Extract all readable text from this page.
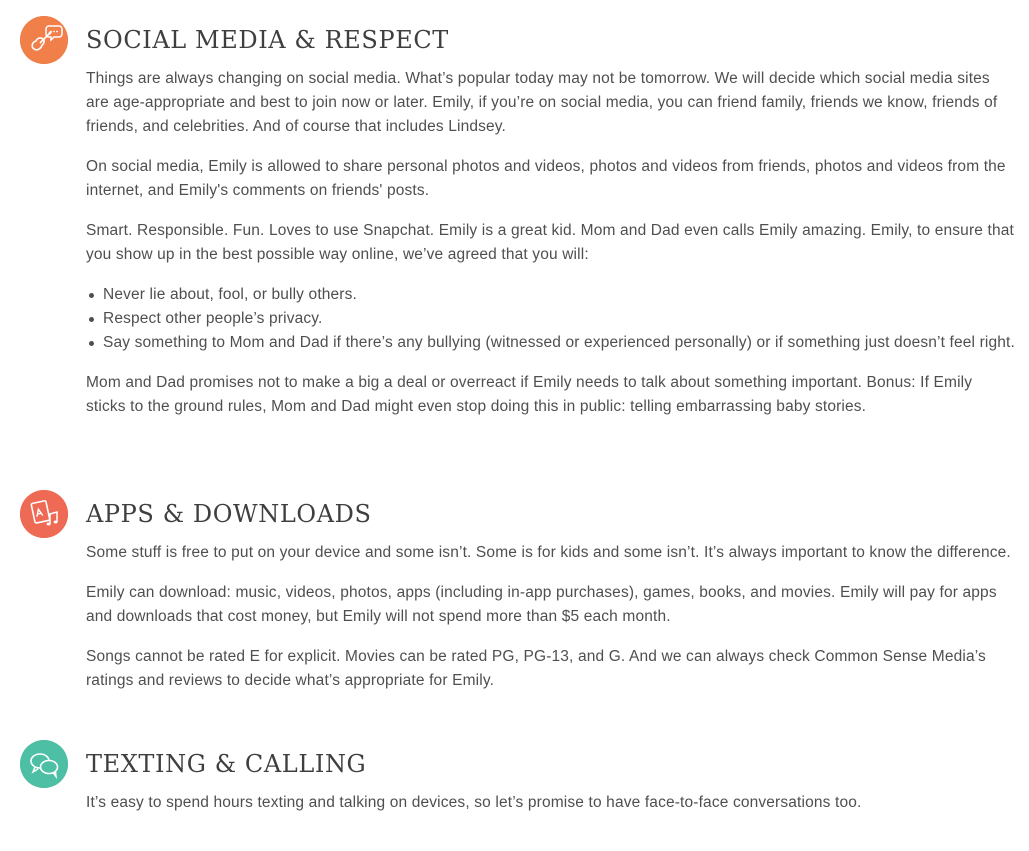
SOCIAL MEDIA & RESPECT

Things are always changing on social media. What’s popular today may not be tomorrow. We will decide which social media sites are age-appropriate and best to join now or later. Emily, if you’re on social media, you can friend family, friends we know, friends of friends, and celebrities. And of course that includes Lindsey.

On social media, Emily is allowed to share personal photos and videos, photos and videos from friends, photos and videos from the internet, and Emily's comments on friends' posts.

Smart. Responsible. Fun. Loves to use Snapchat. Emily is a great kid. Mom and Dad even calls Emily amazing. Emily, to ensure that you show up in the best possible way online, we’ve agreed that you will:

Never lie about, fool, or bully others.
Respect other people’s privacy.
Say something to Mom and Dad if there’s any bullying (witnessed or experienced personally) or if something just doesn’t feel right.

Mom and Dad promises not to make a big a deal or overreact if Emily needs to talk about something important. Bonus: If Emily sticks to the ground rules, Mom and Dad might even stop doing this in public: telling embarrassing baby stories.

APPS & DOWNLOADS

Some stuff is free to put on your device and some isn’t. Some is for kids and some isn’t. It’s always important to know the difference.

Emily can download: music, videos, photos, apps (including in-app purchases), games, books, and movies. Emily will pay for apps and downloads that cost money, but Emily will not spend more than $5 each month.

Songs cannot be rated E for explicit. Movies can be rated PG, PG-13, and G. And we can always check Common Sense Media’s ratings and reviews to decide what’s appropriate for Emily.

TEXTING & CALLING

It’s easy to spend hours texting and talking on devices, so let’s promise to have face-to-face conversations too.
